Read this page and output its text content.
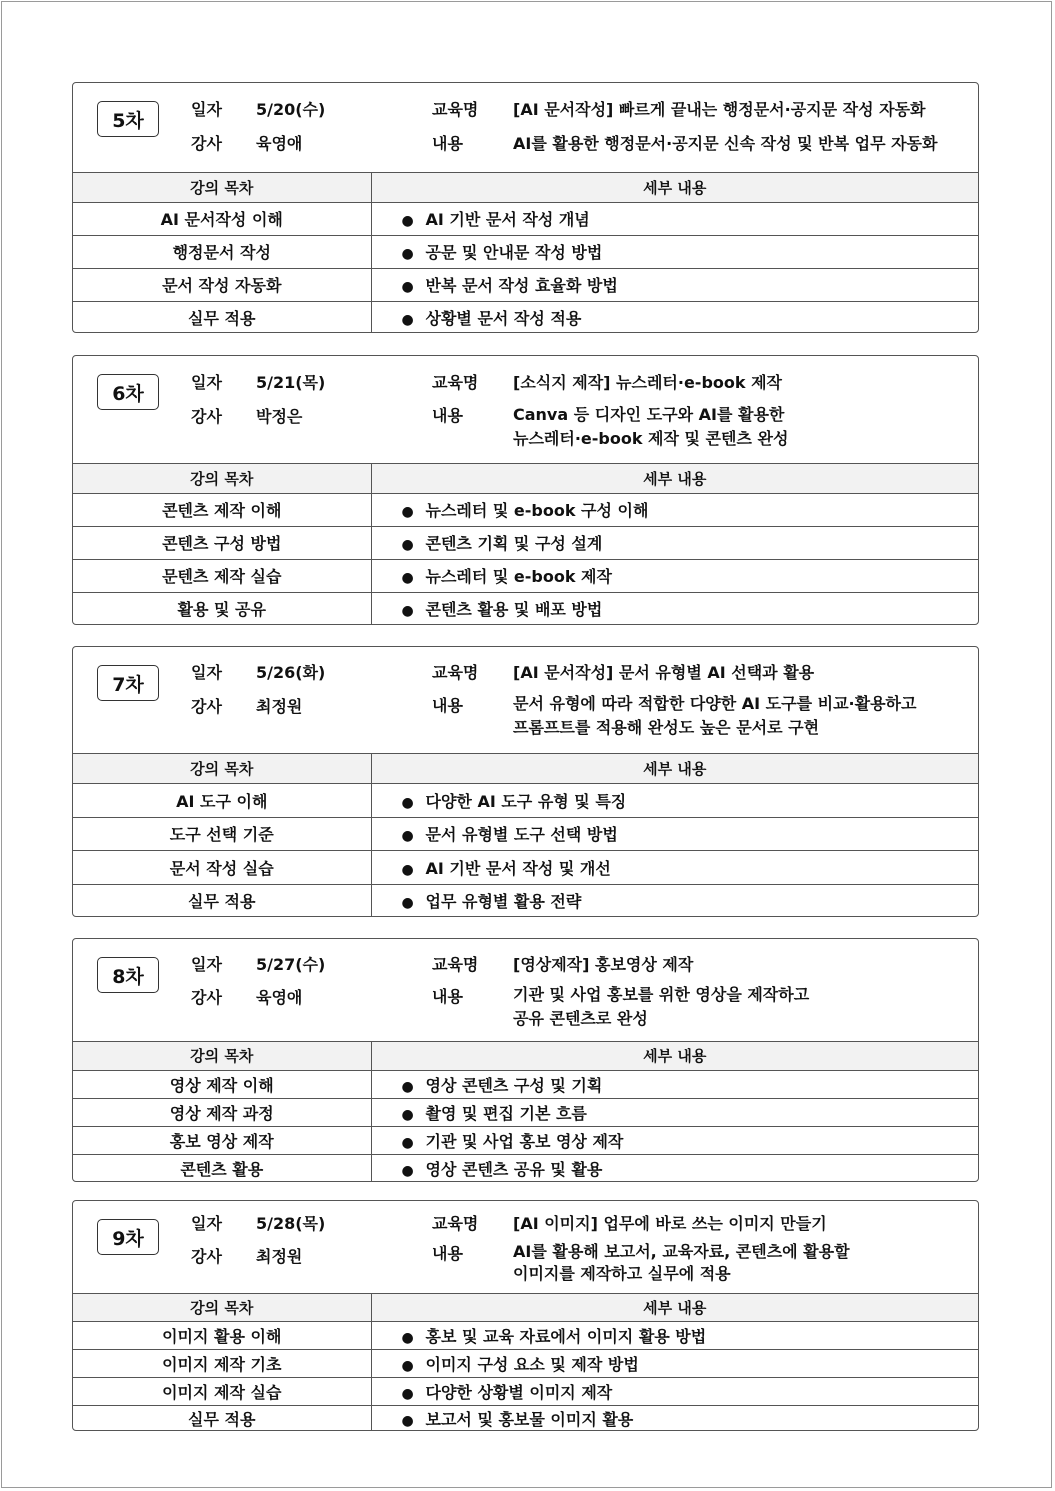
5차	일자 5/20(수)
강사 육영애
교육명 [AI 문서작성] 빠르게 끝내는 행정문서·공지문 작성 자동화
내용	AI를 활용한 행정문서·공지문 신속 작성 및 반복 업무 자동화
강의 목차	세부 내용
AI 문서작성 이해	● AI 기반 문서 작성 개념
행정문서 작성	● 공문 및 안내문 작성 방법
문서 작성 자동화	● 반복 문서 작성 효율화 방법
실무 적용	● 상황별 문서 작성 적용
6차	일자 5/21(목)
강사 박정은
교육명 [소식지 제작] 뉴스레터·e-book 제작
내용	Canva 등 디자인 도구와 AI를 활용한
뉴스레터·e-book 제작 및 콘텐츠 완성
강의 목차	세부 내용
콘텐츠 제작 이해	● 뉴스레터 및 e-book 구성 이해
콘텐츠 구성 방법	● 콘텐츠 기획 및 구성 설계
문텐츠 제작 실습	● 뉴스레터 및 e-book 제작
활용 및 공유	● 콘텐츠 활용 및 배포 방법
7차
일자 5/26(화)
강사 최정원
교육명 [AI 문서작성] 문서 유형별 AI 선택과 활용
내용	문서 유형에 따라 적합한 다양한 AI 도구를 비교·활용하고
프롬프트를 적용해 완성도 높은 문서로 구현
강의 목차	세부 내용
AI 도구 이해	● 다양한 AI 도구 유형 및 특징
도구 선택 기준	● 문서 유형별 도구 선택 방법
문서 작성 실습	● AI 기반 문서 작성 및 개선
실무 적용	● 업무 유형별 활용 전략
8차
일자 5/27(수)
강사 육영애
교육명 [영상제작] 홍보영상 제작
내용	기관 및 사업 홍보를 위한 영상을 제작하고
공유 콘텐츠로 완성
강의 목차	세부 내용
영상 제작 이해	● 영상 콘텐츠 구성 및 기획
영상 제작 과정	● 촬영 및 편집 기본 흐름
홍보 영상 제작	● 기관 및 사업 홍보 영상 제작
콘텐츠 활용	● 영상 콘텐츠 공유 및 활용
9차
일자 5/28(목)
강사 최정원
교육명 [AI 이미지] 업무에 바로 쓰는 이미지 만들기
내용	AI를 활용해 보고서, 교육자료, 콘텐츠에 활용할
이미지를 제작하고 실무에 적용
강의 목차	세부 내용
이미지 활용 이해	● 홍보 및 교육 자료에서 이미지 활용 방법
이미지 제작 기초	● 이미지 구성 요소 및 제작 방법
이미지 제작 실습	● 다양한 상황별 이미지 제작
실무 적용	● 보고서 및 홍보물 이미지 활용
